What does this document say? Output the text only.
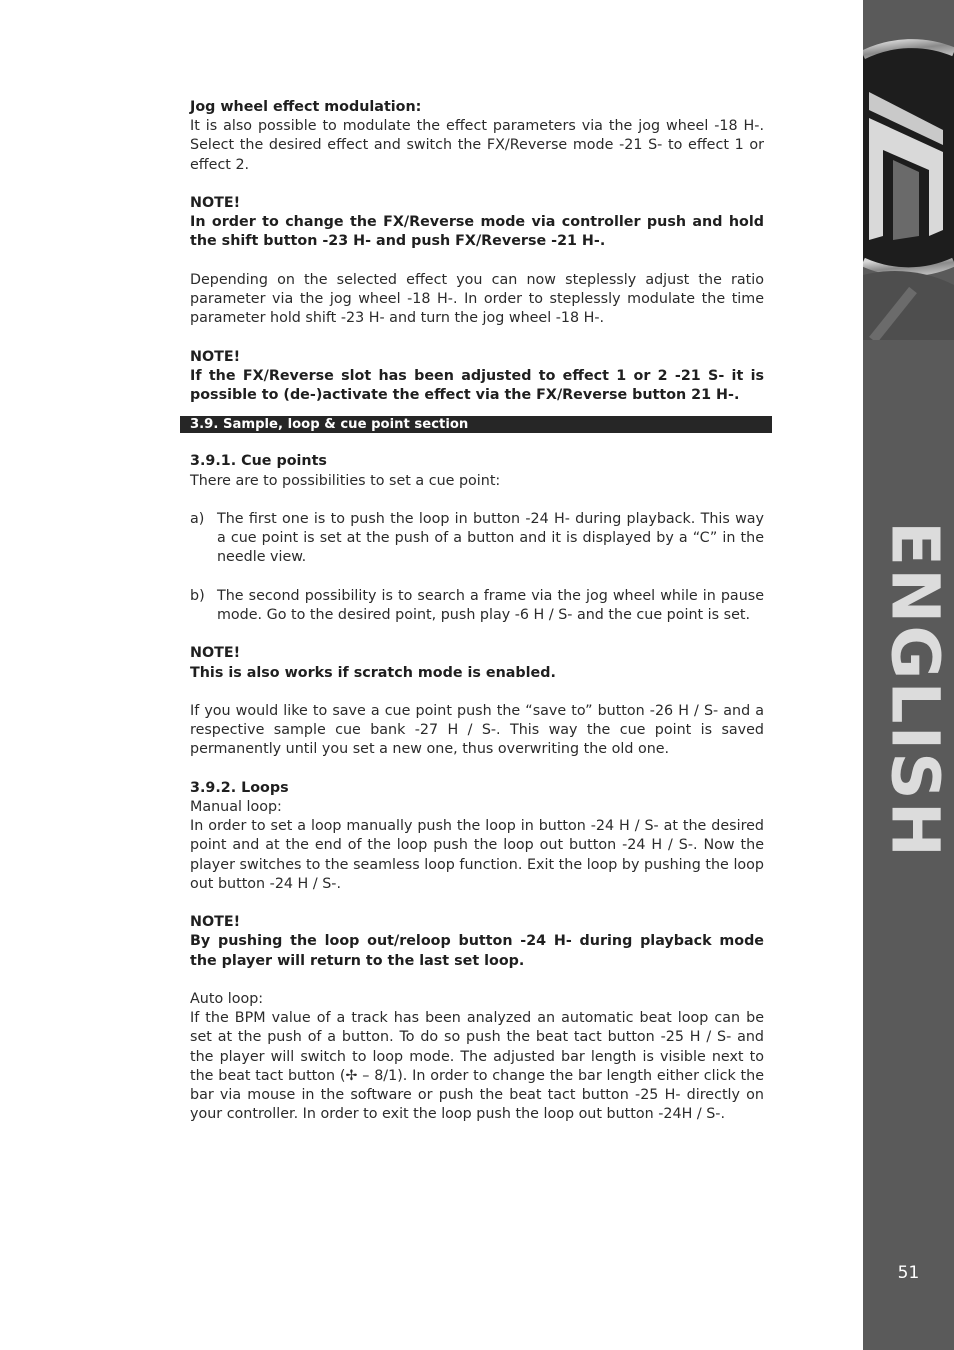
Jog wheel effect modulation:

It is also possible to modulate the effect parameters via the jog wheel -18 H-. Select the desired effect and switch the FX/Reverse mode -21 S- to effect 1 or effect 2.

NOTE!

In order to change the FX/Reverse mode via controller push and hold the shift button -23 H- and push FX/Reverse -21 H-.

Depending on the selected effect you can now steplessly adjust the ratio parameter via the jog wheel -18 H-. In order to steplessly modulate the time parameter hold shift -23 H- and turn the jog wheel -18 H-.

NOTE!

If the FX/Reverse slot has been adjusted to effect 1 or 2 -21 S- it is possible to (de-)activate the effect via the FX/Reverse button 21 H-.

3.9. Sample, loop & cue point section

3.9.1. Cue points

There are to possibilities to set a cue point:

a) The first one is to push the loop in button -24 H- during playback. This way a cue point is set at the push of a button and it is displayed by a “C” in the needle view.
b) The second possibility is to search a frame via the jog wheel while in pause mode. Go to the desired point, push play -6 H / S- and the cue point is set.

NOTE!

This is also works if scratch mode is enabled.

If you would like to save a cue point push the “save to” button -26 H / S- and a respective sample cue bank -27 H / S-. This way the cue point is saved permanently until you set a new one, thus overwriting the old one.

3.9.2. Loops

Manual loop:

In order to set a loop manually push the loop in button -24 H / S- at the desired point and at the end of the loop push the loop out button -24 H / S-. Now the player switches to the seamless loop function. Exit the loop by pushing the loop out button -24 H / S-.

NOTE!

By pushing the loop out/reloop button -24 H- during playback mode the player will return to the last set loop.

Auto loop:

If the BPM value of a track has been analyzed an automatic beat loop can be set at the push of a button. To do so push the beat tact button -25 H / S- and the player will switch to loop mode. The adjusted bar length is visible next to the beat tact button (✢ – 8/1). In order to change the bar length either click the bar via mouse in the software or push the beat tact button -25 H- directly on your controller. In order to exit the loop push the loop out button -24H / S-.

ENGLISH
51
